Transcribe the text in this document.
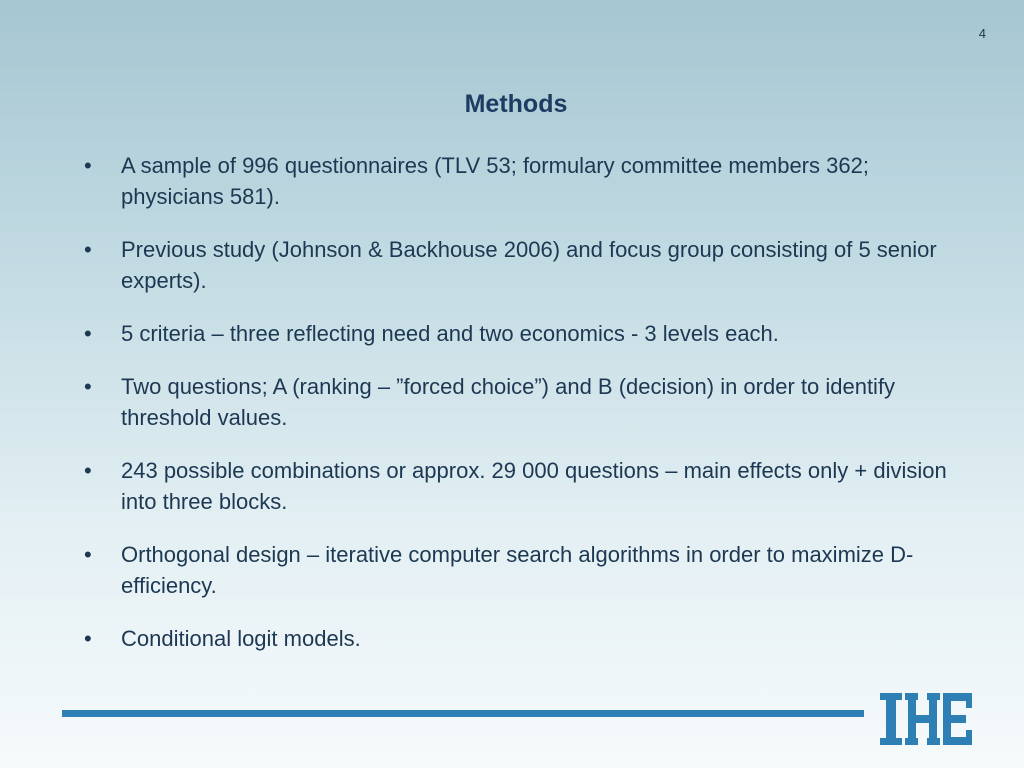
4
Methods
• A sample of 996 questionnaires (TLV 53; formulary committee members 362; physicians 581).
• Previous study (Johnson & Backhouse 2006) and focus group consisting of 5 senior experts).
• 5 criteria – three reflecting need and two economics - 3 levels each.
• Two questions; A (ranking – ”forced choice”) and B (decision) in order to identify threshold values.
• 243 possible combinations or approx. 29 000 questions – main effects only + division into three blocks.
• Orthogonal design – iterative computer search algorithms in order to maximize D-efficiency.
• Conditional logit models.
